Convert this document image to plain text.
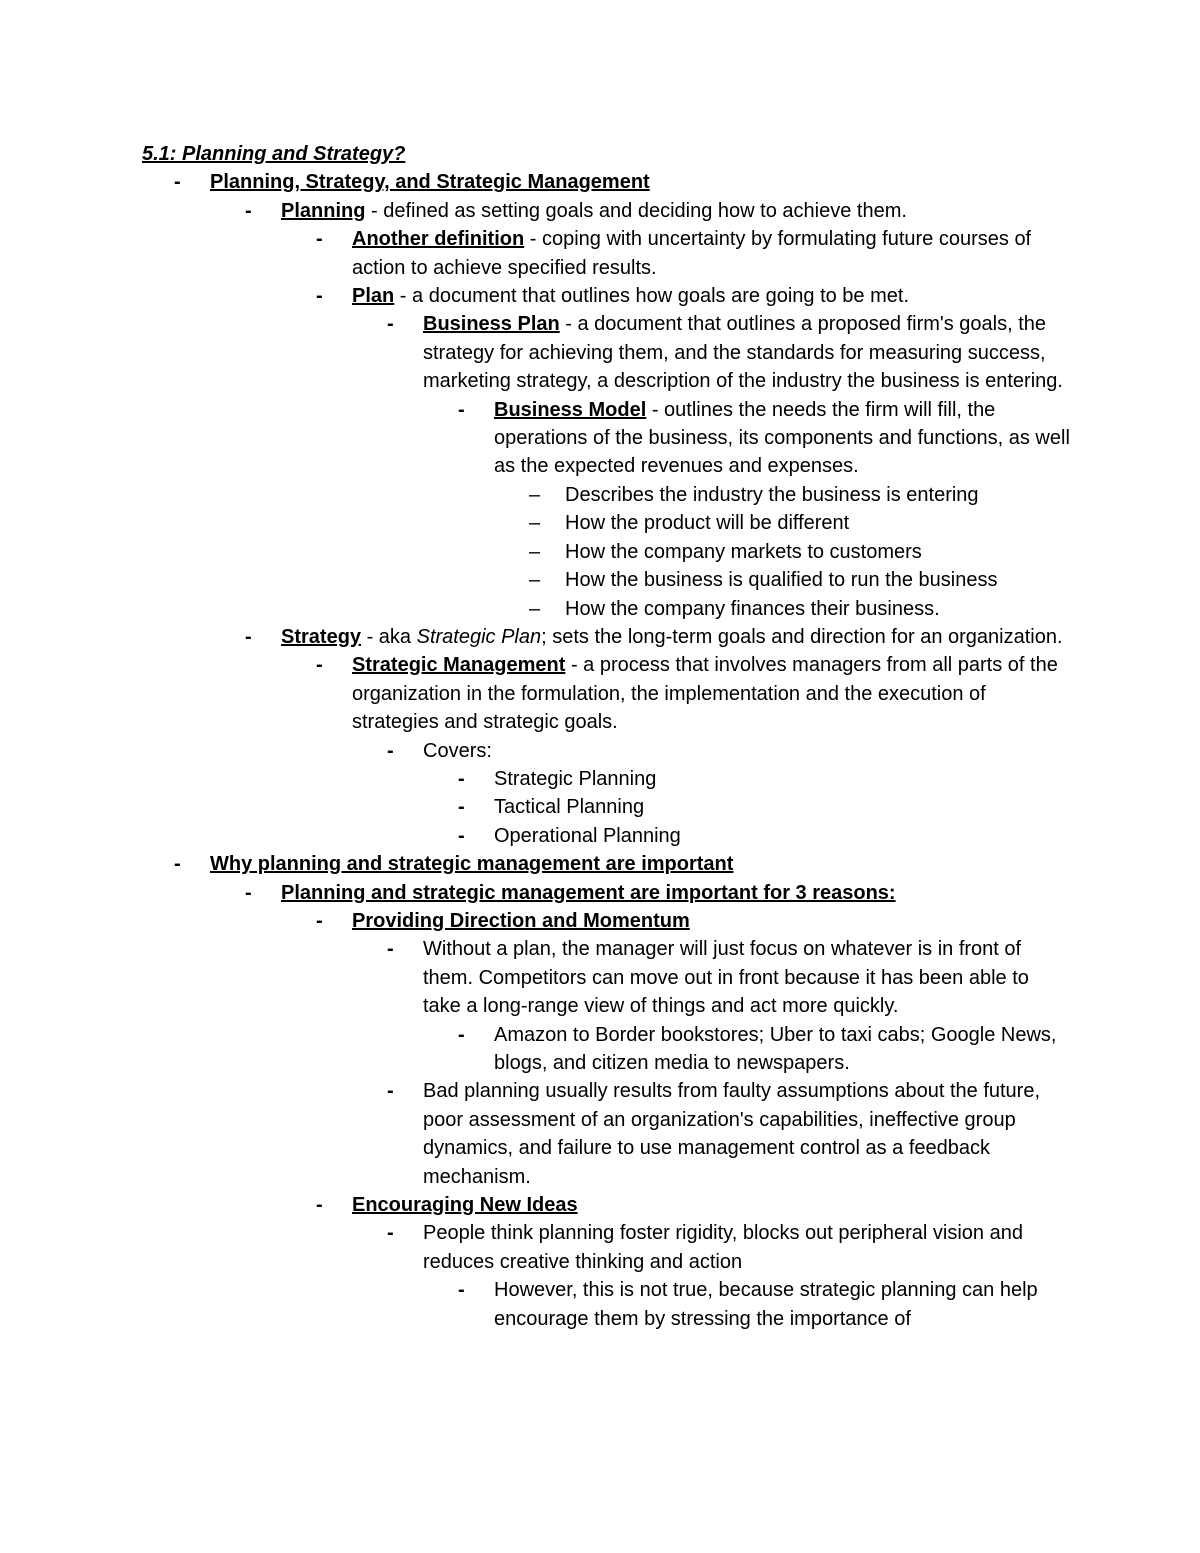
5.1: Planning and Strategy?

- Planning, Strategy, and Strategic Management
- Planning - defined as setting goals and deciding how to achieve them.
- Another definition - coping with uncertainty by formulating future courses of action to achieve specified results.
- Plan - a document that outlines how goals are going to be met.
- Business Plan - a document that outlines a proposed firm's goals, the strategy for achieving them, and the standards for measuring success, marketing strategy, a description of the industry the business is entering.
- Business Model - outlines the needs the firm will fill, the operations of the business, its components and functions, as well as the expected revenues and expenses.
– Describes the industry the business is entering
– How the product will be different
– How the company markets to customers
– How the business is qualified to run the business
– How the company finances their business.
- Strategy - aka Strategic Plan; sets the long-term goals and direction for an organization.
- Strategic Management - a process that involves managers from all parts of the organization in the formulation, the implementation and the execution of strategies and strategic goals.
- Covers:
- Strategic Planning
- Tactical Planning
- Operational Planning
- Why planning and strategic management are important
- Planning and strategic management are important for 3 reasons:
- Providing Direction and Momentum
- Without a plan, the manager will just focus on whatever is in front of them. Competitors can move out in front because it has been able to take a long-range view of things and act more quickly.
- Amazon to Border bookstores; Uber to taxi cabs; Google News, blogs, and citizen media to newspapers.
- Bad planning usually results from faulty assumptions about the future, poor assessment of an organization's capabilities, ineffective group dynamics, and failure to use management control as a feedback mechanism.
- Encouraging New Ideas
- People think planning foster rigidity, blocks out peripheral vision and reduces creative thinking and action
- However, this is not true, because strategic planning can help encourage them by stressing the importance of
